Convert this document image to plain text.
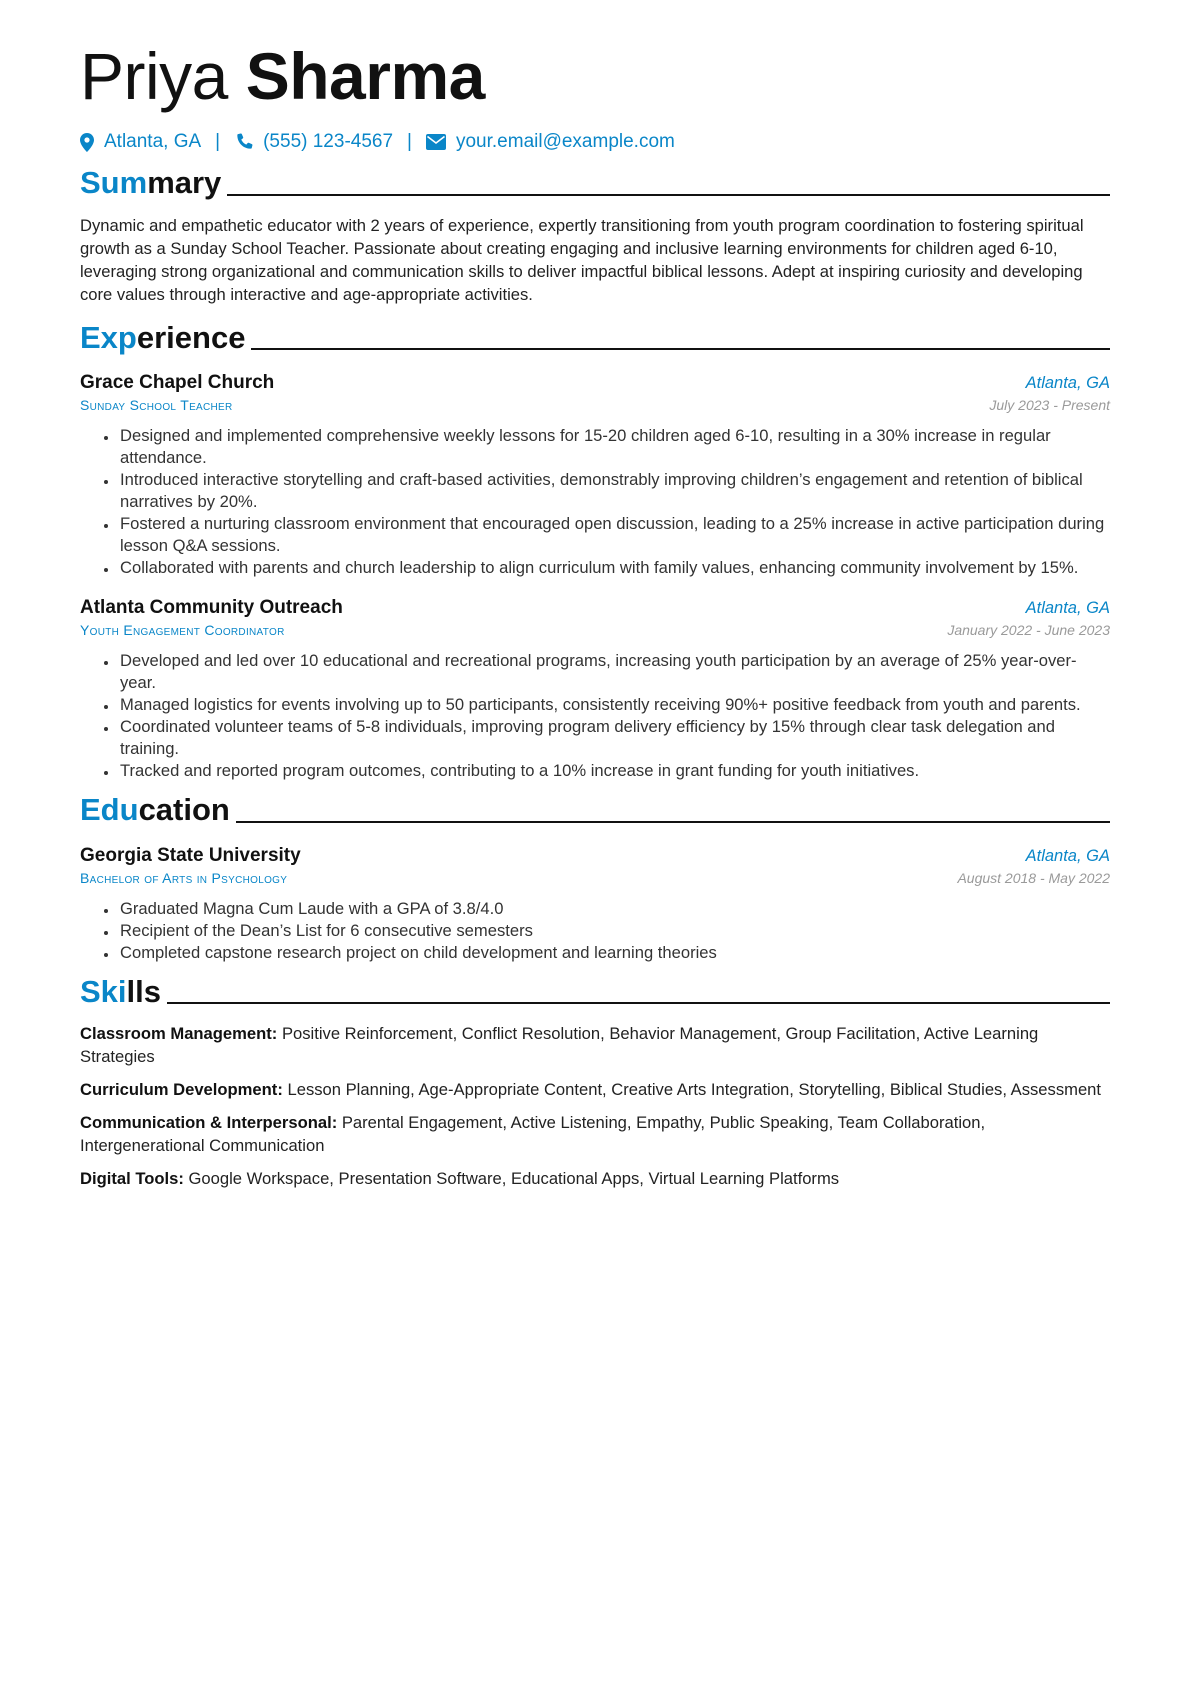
Priya Sharma
Atlanta, GA | (555) 123-4567 | your.email@example.com
Summary
Dynamic and empathetic educator with 2 years of experience, expertly transitioning from youth program coordination to fostering spiritual growth as a Sunday School Teacher. Passionate about creating engaging and inclusive learning environments for children aged 6-10, leveraging strong organizational and communication skills to deliver impactful biblical lessons. Adept at inspiring curiosity and developing core values through interactive and age-appropriate activities.
Experience
Grace Chapel Church	Atlanta, GA
Sunday School Teacher	July 2023 - Present
• Designed and implemented comprehensive weekly lessons for 15-20 children aged 6-10, resulting in a 30% increase in regular attendance.
• Introduced interactive storytelling and craft-based activities, demonstrably improving children’s engagement and retention of biblical narratives by 20%.
• Fostered a nurturing classroom environment that encouraged open discussion, leading to a 25% increase in active participation during lesson Q&A sessions.
• Collaborated with parents and church leadership to align curriculum with family values, enhancing community involvement by 15%.
Atlanta Community Outreach	Atlanta, GA
Youth Engagement Coordinator	January 2022 - June 2023
• Developed and led over 10 educational and recreational programs, increasing youth participation by an average of 25% year-over-year.
• Managed logistics for events involving up to 50 participants, consistently receiving 90%+ positive feedback from youth and parents.
• Coordinated volunteer teams of 5-8 individuals, improving program delivery efficiency by 15% through clear task delegation and training.
• Tracked and reported program outcomes, contributing to a 10% increase in grant funding for youth initiatives.
Education
Georgia State University	Atlanta, GA
Bachelor of Arts in Psychology	August 2018 - May 2022
• Graduated Magna Cum Laude with a GPA of 3.8/4.0
• Recipient of the Dean’s List for 6 consecutive semesters
• Completed capstone research project on child development and learning theories
Skills

Classroom Management: Positive Reinforcement, Conflict Resolution, Behavior Management, Group Facilitation, Active Learning Strategies

Curriculum Development: Lesson Planning, Age-Appropriate Content, Creative Arts Integration, Storytelling, Biblical Studies, Assessment

Communication & Interpersonal: Parental Engagement, Active Listening, Empathy, Public Speaking, Team Collaboration, Intergenerational Communication

Digital Tools: Google Workspace, Presentation Software, Educational Apps, Virtual Learning Platforms
